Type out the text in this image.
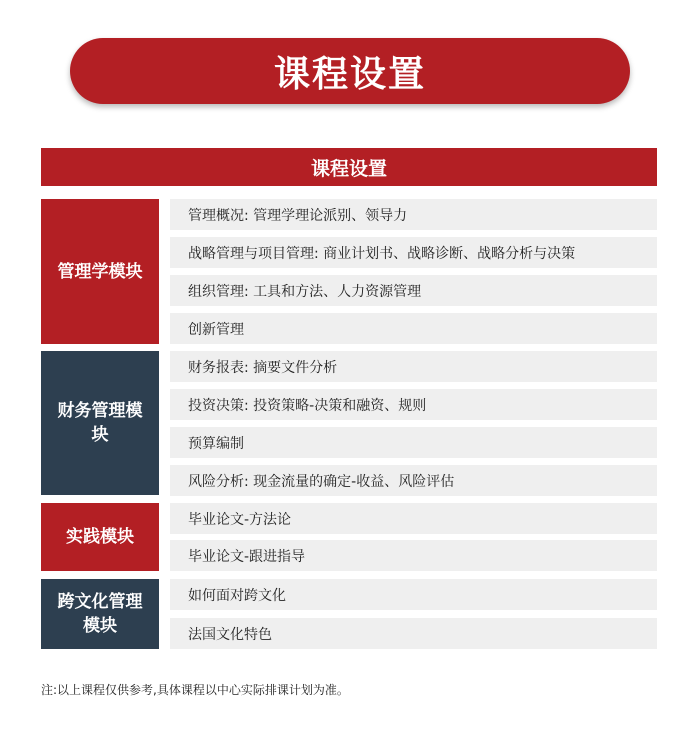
课程设置
课程设置
管理学模块
管理概况: 管理学理论派别、领导力
战略管理与项目管理: 商业计划书、战略诊断、战略分析与决策
组织管理: 工具和方法、人力资源管理
创新管理
财务管理模块
财务报表: 摘要文件分析
投资决策: 投资策略-决策和融资、规则
预算编制
风险分析: 现金流量的确定-收益、风险评估
实践模块
毕业论文-方法论
毕业论文-跟进指导
跨文化管理模块
如何面对跨文化
法国文化特色
注:以上课程仅供参考,具体课程以中心实际排课计划为准。
